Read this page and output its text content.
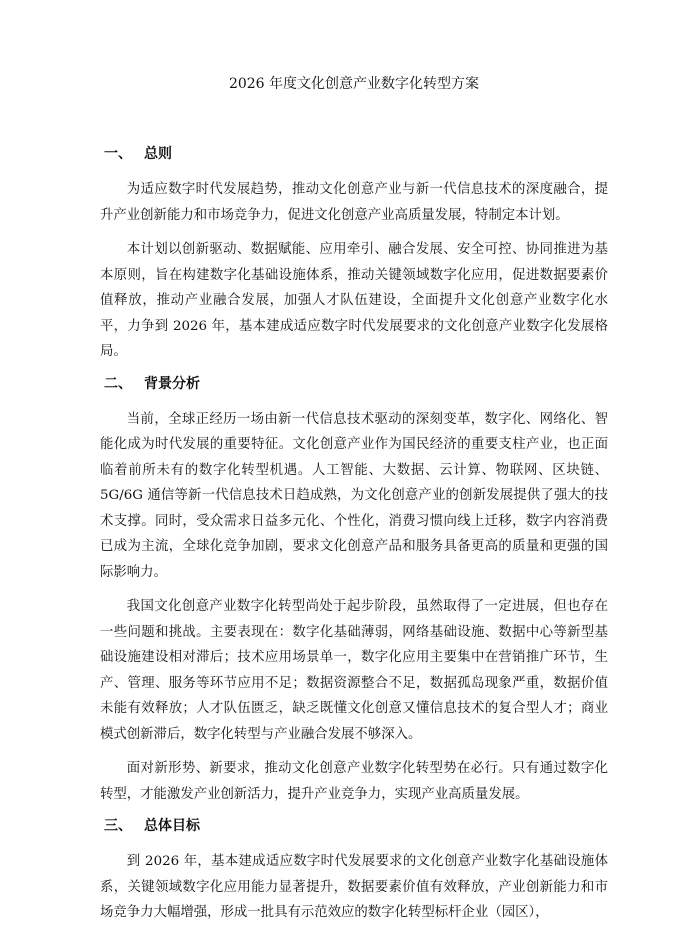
2026 年度文化创意产业数字化转型方案
一、 总则

为适应数字时代发展趋势，推动文化创意产业与新一代信息技术的深度融合，提升产业创新能力和市场竞争力，促进文化创意产业高质量发展，特制定本计划。

本计划以创新驱动、数据赋能、应用牵引、融合发展、安全可控、协同推进为基本原则，旨在构建数字化基础设施体系，推动关键领域数字化应用，促进数据要素价值释放，推动产业融合发展，加强人才队伍建设，全面提升文化创意产业数字化水平，力争到 2026 年，基本建成适应数字时代发展要求的文化创意产业数字化发展格局。

二、 背景分析

当前，全球正经历一场由新一代信息技术驱动的深刻变革，数字化、网络化、智能化成为时代发展的重要特征。文化创意产业作为国民经济的重要支柱产业，也正面临着前所未有的数字化转型机遇。人工智能、大数据、云计算、物联网、区块链、5G/6G 通信等新一代信息技术日趋成熟，为文化创意产业的创新发展提供了强大的技术支撑。同时，受众需求日益多元化、个性化，消费习惯向线上迁移，数字内容消费已成为主流，全球化竞争加剧，要求文化创意产品和服务具备更高的质量和更强的国际影响力。

我国文化创意产业数字化转型尚处于起步阶段，虽然取得了一定进展，但也存在一些问题和挑战。主要表现在：数字化基础薄弱，网络基础设施、数据中心等新型基础设施建设相对滞后；技术应用场景单一，数字化应用主要集中在营销推广环节，生产、管理、服务等环节应用不足；数据资源整合不足，数据孤岛现象严重，数据价值未能有效释放；人才队伍匮乏，缺乏既懂文化创意又懂信息技术的复合型人才；商业模式创新滞后，数字化转型与产业融合发展不够深入。

面对新形势、新要求，推动文化创意产业数字化转型势在必行。只有通过数字化转型，才能激发产业创新活力，提升产业竞争力，实现产业高质量发展。

三、 总体目标

到 2026 年，基本建成适应数字时代发展要求的文化创意产业数字化基础设施体系，关键领域数字化应用能力显著提升，数据要素价值有效释放，产业创新能力和市场竞争力大幅增强，形成一批具有示范效应的数字化转型标杆企业（园区），
